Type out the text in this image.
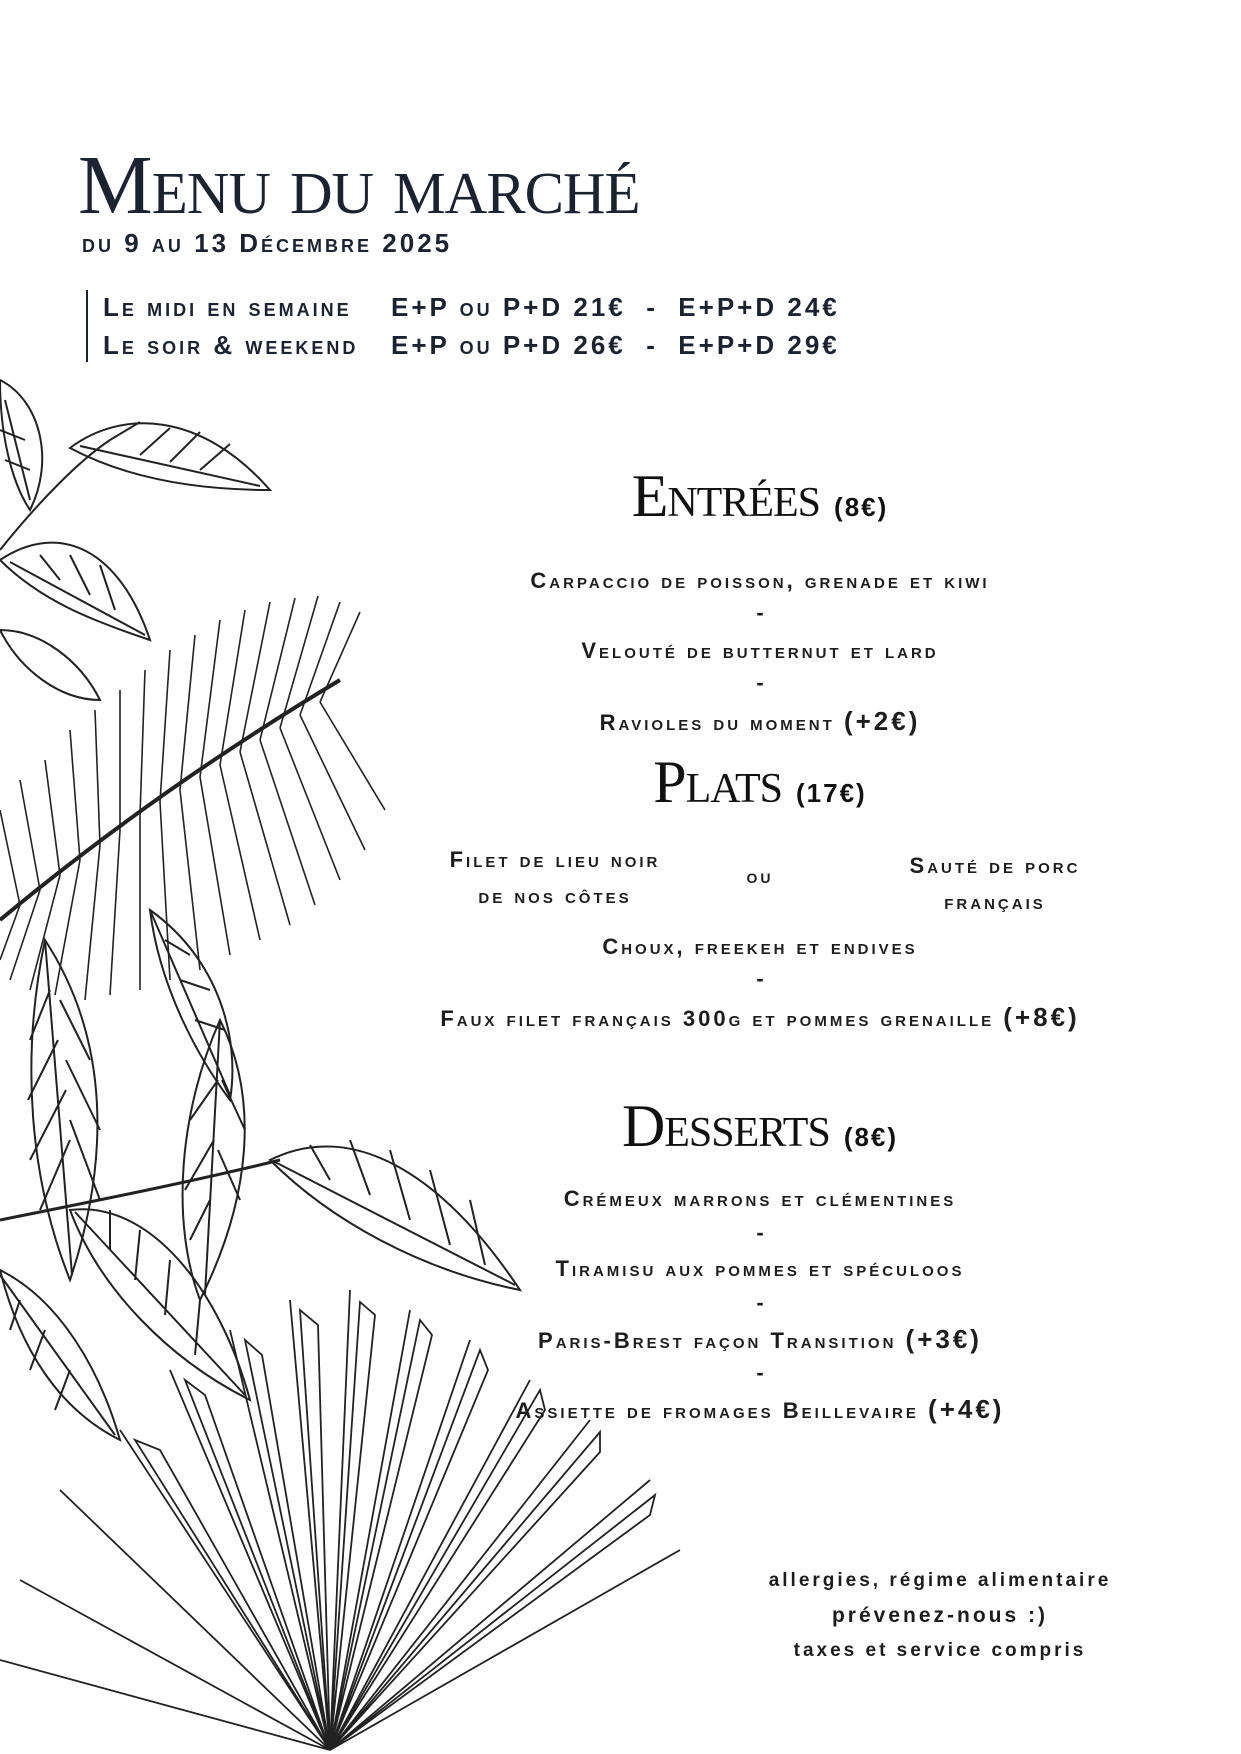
Menu du marché
du 9 au 13 Décembre 2025
Le midi en semaine E+P ou P+D 21€  -  E+P+D 24€
Le soir & weekend E+P ou P+D 26€  -  E+P+D 29€
Entrées (8€)
Carpaccio de poisson, grenade et kiwi
-
Velouté de butternut et lard
-
Ravioles du moment (+2€)
Plats (17€)
Filet de lieu noir
de nos côtes
ou	Sauté de porc
français
Choux, freekeh et endives
-
Faux filet français 300g et pommes grenaille (+8€)
Desserts (8€)
Crémeux marrons et clémentines
-
Tiramisu aux pommes et spéculoos
-
Paris-Brest façon Transition (+3€)
-
Assiette de fromages Beillevaire (+4€)
allergies, régime alimentaire
prévenez-nous :)
taxes et service compris
